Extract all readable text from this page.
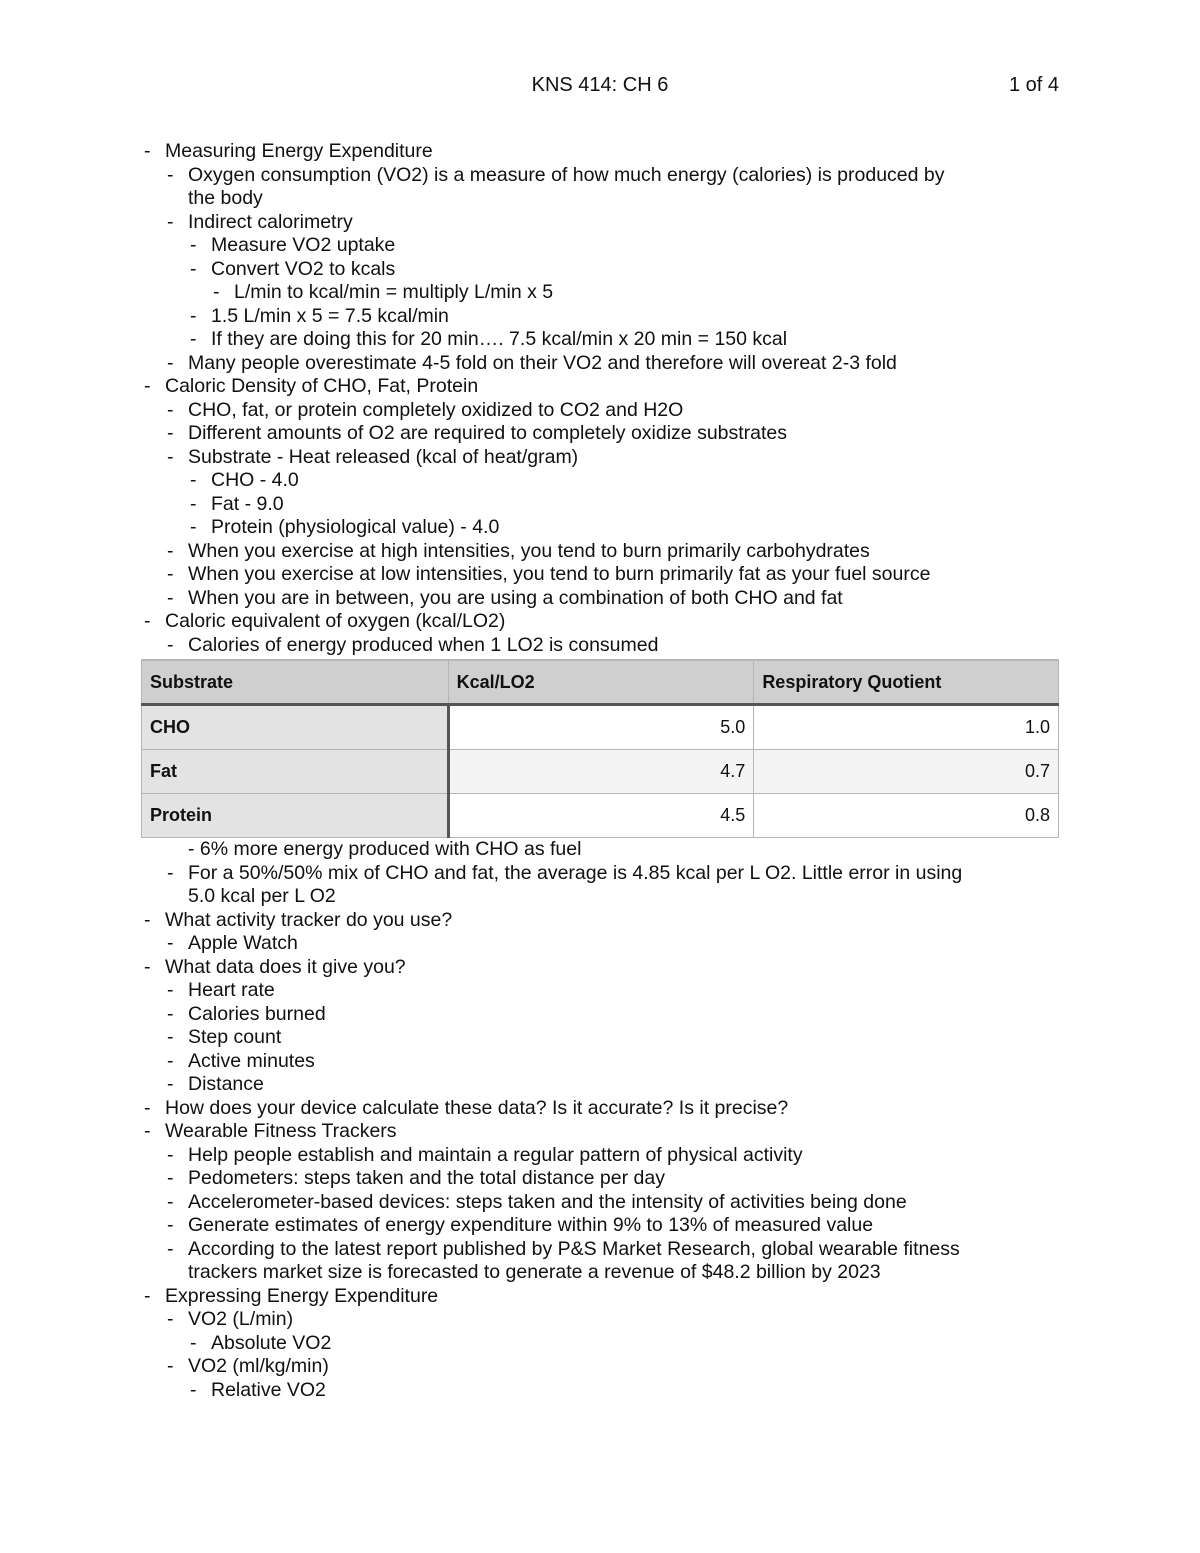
KNS 414: CH 6	1 of 4
- Measuring Energy Expenditure
- Oxygen consumption (VO2) is a measure of how much energy (calories) is produced by
the body
- Indirect calorimetry
- Measure VO2 uptake
- Convert VO2 to kcals
- L/min to kcal/min = multiply L/min x 5
- 1.5 L/min x 5 = 7.5 kcal/min
- If they are doing this for 20 min…. 7.5 kcal/min x 20 min = 150 kcal
- Many people overestimate 4-5 fold on their VO2 and therefore will overeat 2-3 fold
- Caloric Density of CHO, Fat, Protein
- CHO, fat, or protein completely oxidized to CO2 and H2O
- Different amounts of O2 are required to completely oxidize substrates
- Substrate - Heat released (kcal of heat/gram)
- CHO - 4.0
- Fat - 9.0
- Protein (physiological value) - 4.0
- When you exercise at high intensities, you tend to burn primarily carbohydrates
- When you exercise at low intensities, you tend to burn primarily fat as your fuel source
- When you are in between, you are using a combination of both CHO and fat
- Caloric equivalent of oxygen (kcal/LO2)
- Calories of energy produced when 1 LO2 is consumed
Substrate	Kcal/LO2	Respiratory Quotient
CHO	5.0	1.0
Fat	4.7	0.7
Protein	4.5	0.8
- 6% more energy produced with CHO as fuel
- For a 50%/50% mix of CHO and fat, the average is 4.85 kcal per L O2. Little error in using
5.0 kcal per L O2
- What activity tracker do you use?
- Apple Watch
- What data does it give you?
- Heart rate
- Calories burned
- Step count
- Active minutes
- Distance
- How does your device calculate these data? Is it accurate? Is it precise?
- Wearable Fitness Trackers
- Help people establish and maintain a regular pattern of physical activity
- Pedometers: steps taken and the total distance per day
- Accelerometer-based devices: steps taken and the intensity of activities being done
- Generate estimates of energy expenditure within 9% to 13% of measured value
- According to the latest report published by P&S Market Research, global wearable fitness
trackers market size is forecasted to generate a revenue of $48.2 billion by 2023
- Expressing Energy Expenditure
- VO2 (L/min)
- Absolute VO2
- VO2 (ml/kg/min)
- Relative VO2
